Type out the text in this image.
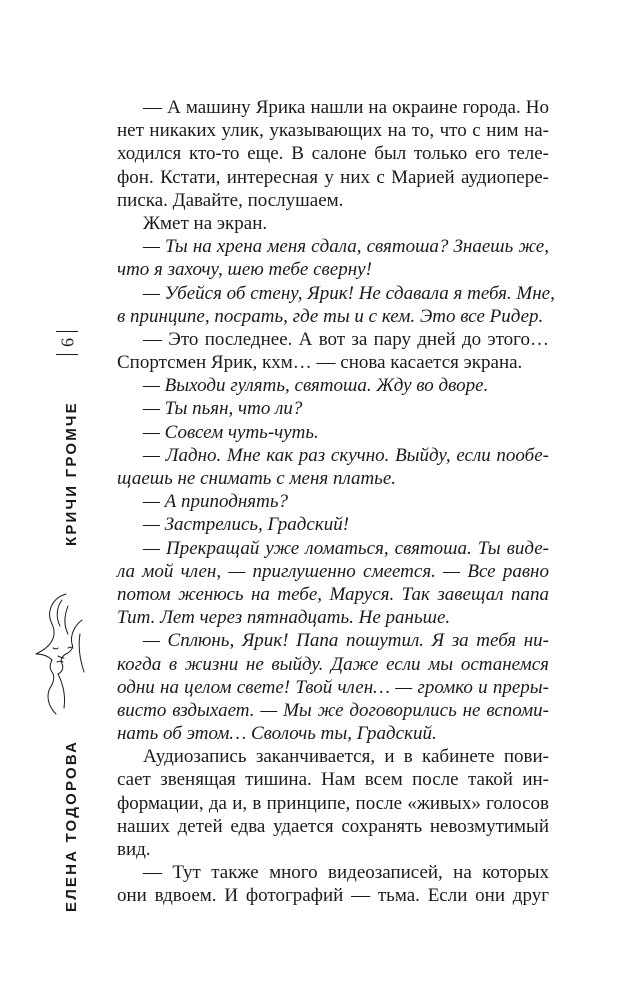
6
КРИЧИ ГРОМЧЕ
ЕЛЕНА ТОДОРОВА

— А машину Ярика нашли на окраине города. Но

нет никаких улик, указывающих на то, что с ним на-

ходился кто-то еще. В салоне был только его теле-

фон. Кстати, интересная у них с Марией аудиопере-

писка. Давайте, послушаем.

Жмет на экран.

— Ты на хрена меня сдала, святоша? Знаешь же,

что я захочу, шею тебе сверну!

— Убейся об стену, Ярик! Не сдавала я тебя. Мне,

в принципе, посрать, где ты и с кем. Это все Ридер.

— Это последнее. А вот за пару дней до этого…

Спортсмен Ярик, кхм… — снова касается экрана.

— Выходи гулять, святоша. Жду во дворе.

— Ты пьян, что ли?

— Совсем чуть-чуть.

— Ладно. Мне как раз скучно. Выйду, если пообе-

щаешь не снимать с меня платье.

— А приподнять?

— Застрелись, Градский!

— Прекращай уже ломаться, святоша. Ты виде-

ла мой член, — приглушенно смеется. — Все равно

потом женюсь на тебе, Маруся. Так завещал папа

Тит. Лет через пятнадцать. Не раньше.

— Сплюнь, Ярик! Папа пошутил. Я за тебя ни-

когда в жизни не выйду. Даже если мы останемся

одни на целом свете! Твой член… — громко и преры-

висто вздыхает. — Мы же договорились не вспоми-

нать об этом… Сволочь ты, Градский.

Аудиозапись заканчивается, и в кабинете пови-

сает звенящая тишина. Нам всем после такой ин-

формации, да и, в принципе, после «живых» голосов

наших детей едва удается сохранять невозмутимый

вид.

— Тут также много видеозаписей, на которых

они вдвоем. И фотографий — тьма. Если они друг
